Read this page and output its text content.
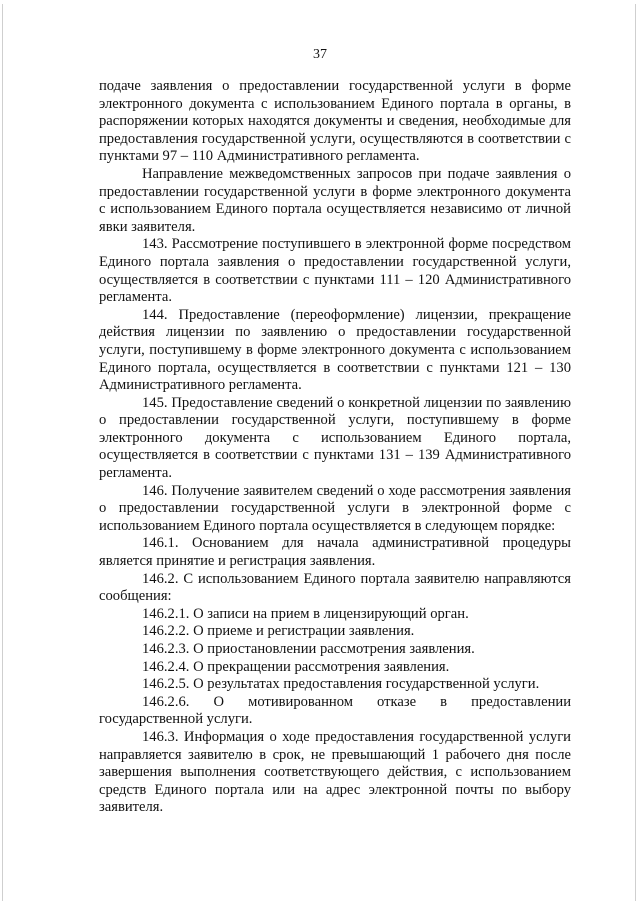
37

подаче заявления о предоставлении государственной услуги в форме электронного документа с использованием Единого портала в органы, в распоряжении которых находятся документы и сведения, необходимые для предоставления государственной услуги, осуществляются в соответствии с пунктами 97 – 110 Административного регламента.

Направление межведомственных запросов при подаче заявления о предоставлении государственной услуги в форме электронного документа с использованием Единого портала осуществляется независимо от личной явки заявителя.

143. Рассмотрение поступившего в электронной форме посредством Единого портала заявления о предоставлении государственной услуги, осуществляется в соответствии с пунктами 111 – 120 Административного регламента.

144. Предоставление (переоформление) лицензии, прекращение действия лицензии по заявлению о предоставлении государственной услуги, поступившему в форме электронного документа с использованием Единого портала, осуществляется в соответствии с пунктами 121 – 130 Административного регламента.

145. Предоставление сведений о конкретной лицензии по заявлению о предоставлении государственной услуги, поступившему в форме электронного документа с использованием Единого портала, осуществляется в соответствии с пунктами 131 – 139 Административного регламента.

146. Получение заявителем сведений о ходе рассмотрения заявления о предоставлении государственной услуги в электронной форме с использованием Единого портала осуществляется в следующем порядке:

146.1. Основанием для начала административной процедуры является принятие и регистрация заявления.

146.2. С использованием Единого портала заявителю направляются сообщения:

146.2.1. О записи на прием в лицензирующий орган.

146.2.2. О приеме и регистрации заявления.

146.2.3. О приостановлении рассмотрения заявления.

146.2.4. О прекращении рассмотрения заявления.

146.2.5. О результатах предоставления государственной услуги.

146.2.6. О мотивированном отказе в предоставлении государственной услуги.

146.3. Информация о ходе предоставления государственной услуги направляется заявителю в срок, не превышающий 1 рабочего дня после завершения выполнения соответствующего действия, с использованием средств Единого портала или на адрес электронной почты по выбору заявителя.
